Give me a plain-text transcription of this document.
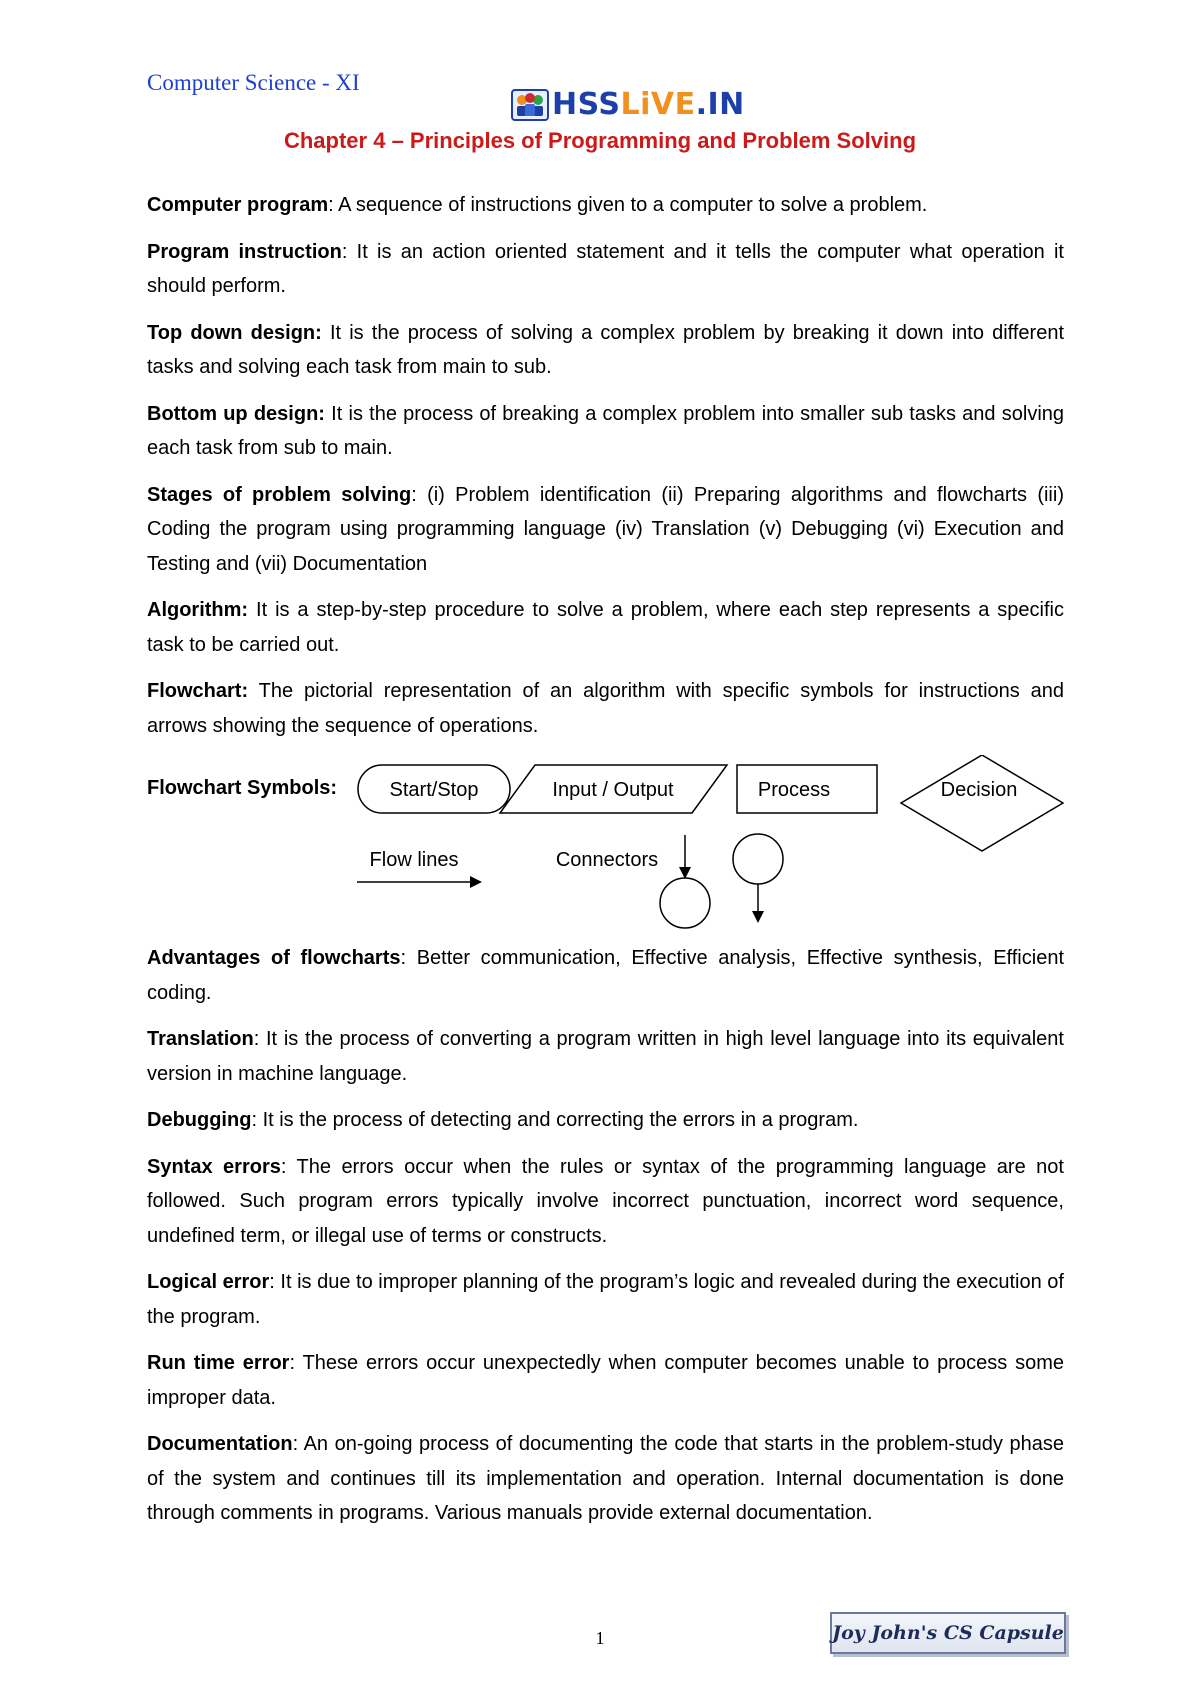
Computer Science - XI
HSSLiVE.IN
Chapter 4 – Principles of Programming and Problem Solving

Computer program: A sequence of instructions given to a computer to solve a problem.

Program instruction: It is an action oriented statement and it tells the computer what operation it should perform.

Top down design: It is the process of solving a complex problem by breaking it down into different tasks and solving each task from main to sub.

Bottom up design: It is the process of breaking a complex problem into smaller sub tasks and solving each task from sub to main.

Stages of problem solving: (i) Problem identification (ii) Preparing algorithms and flowcharts (iii) Coding the program using programming language (iv) Translation (v) Debugging (vi) Execution and Testing and (vii) Documentation

Algorithm: It is a step-by-step procedure to solve a problem, where each step represents a specific task to be carried out.

Flowchart: The pictorial representation of an algorithm with specific symbols for instructions and arrows showing the sequence of operations.

Flowchart Symbols:	Start/Stop	Input / Output	Process	Decision
Flow lines	Connectors

Advantages of flowcharts: Better communication, Effective analysis, Effective synthesis, Efficient coding.

Translation: It is the process of converting a program written in high level language into its equivalent version in machine language.

Debugging: It is the process of detecting and correcting the errors in a program.

Syntax errors: The errors occur when the rules or syntax of the programming language are not followed. Such program errors typically involve incorrect punctuation, incorrect word sequence, undefined term, or illegal use of terms or constructs.

Logical error: It is due to improper planning of the program’s logic and revealed during the execution of the program.

Run time error: These errors occur unexpectedly when computer becomes unable to process some improper data.

Documentation: An on-going process of documenting the code that starts in the problem-study phase of the system and continues till its implementation and operation. Internal documentation is done through comments in programs. Various manuals provide external documentation.

1	Joy John's CS Capsule
